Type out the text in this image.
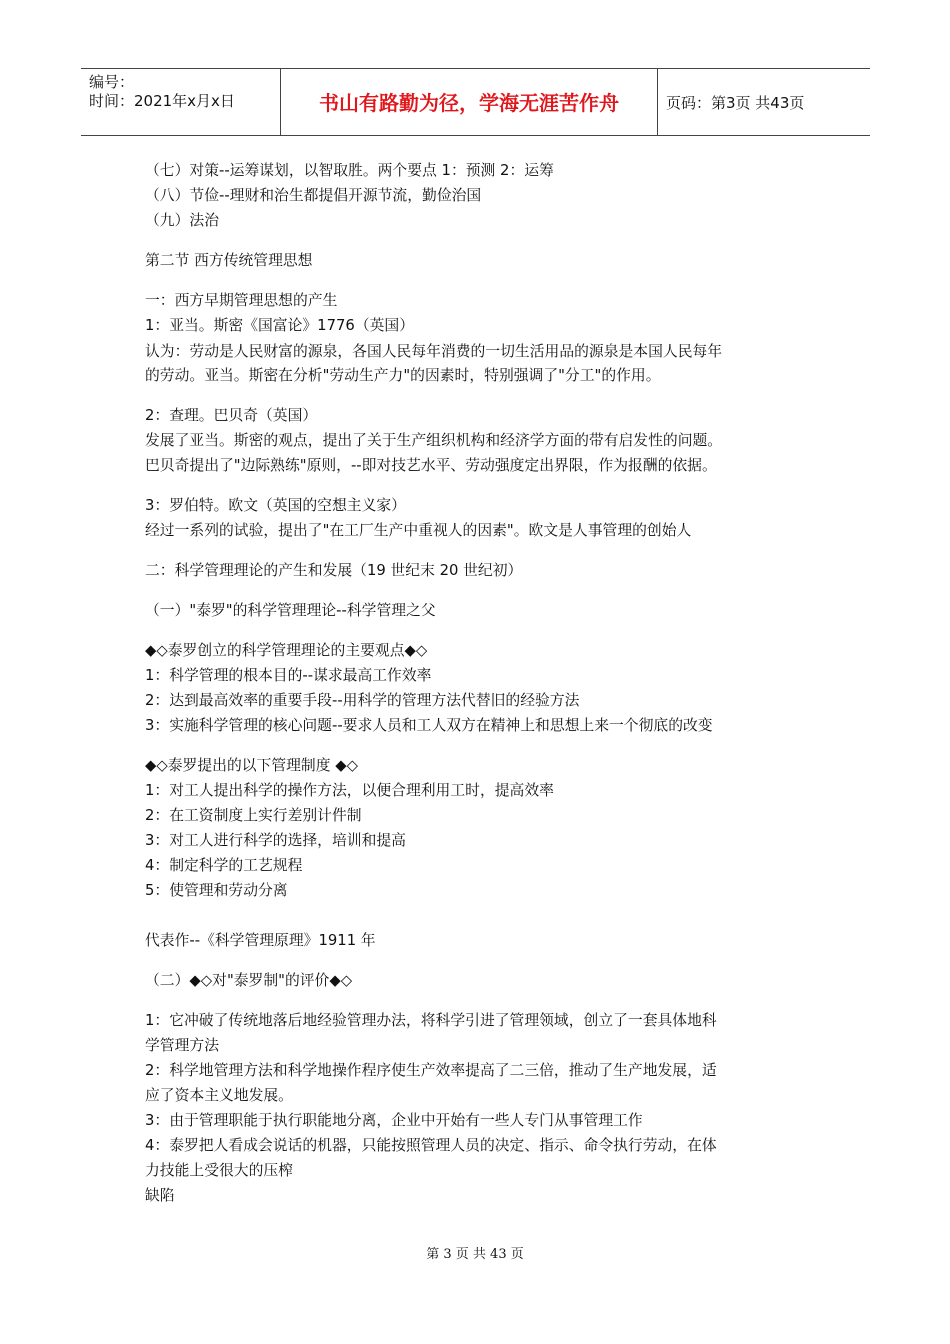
编号：
时间：2021年x月x日	书山有路勤为径，学海无涯苦作舟	页码：第3页 共43页
（七）对策--运筹谋划，以智取胜。两个要点 1：预测 2：运筹
（八）节俭--理财和治生都提倡开源节流，勤俭治国
（九）法治
第二节 西方传统管理思想
一：西方早期管理思想的产生
1：亚当。斯密《国富论》1776（英国）
认为：劳动是人民财富的源泉，各国人民每年消费的一切生活用品的源泉是本国人民每年
的劳动。亚当。斯密在分析"劳动生产力"的因素时，特别强调了"分工"的作用。
2：查理。巴贝奇（英国）
发展了亚当。斯密的观点，提出了关于生产组织机构和经济学方面的带有启发性的问题。
巴贝奇提出了"边际熟练"原则，--即对技艺水平、劳动强度定出界限，作为报酬的依据。
3：罗伯特。欧文（英国的空想主义家）
经过一系列的试验，提出了"在工厂生产中重视人的因素"。欧文是人事管理的创始人
二：科学管理理论的产生和发展（19 世纪末 20 世纪初）
（一）"泰罗"的科学管理理论--科学管理之父
◆◇泰罗创立的科学管理理论的主要观点◆◇
1：科学管理的根本目的--谋求最高工作效率
2：达到最高效率的重要手段--用科学的管理方法代替旧的经验方法
3：实施科学管理的核心问题--要求人员和工人双方在精神上和思想上来一个彻底的改变
◆◇泰罗提出的以下管理制度 ◆◇
1：对工人提出科学的操作方法，以便合理利用工时，提高效率
2：在工资制度上实行差别计件制
3：对工人进行科学的选择，培训和提高
4：制定科学的工艺规程
5：使管理和劳动分离
代表作--《科学管理原理》1911 年
（二）◆◇对"泰罗制"的评价◆◇
1：它冲破了传统地落后地经验管理办法，将科学引进了管理领域，创立了一套具体地科
学管理方法
2：科学地管理方法和科学地操作程序使生产效率提高了二三倍，推动了生产地发展，适
应了资本主义地发展。
3：由于管理职能于执行职能地分离，企业中开始有一些人专门从事管理工作
4：泰罗把人看成会说话的机器，只能按照管理人员的决定、指示、命令执行劳动，在体
力技能上受很大的压榨
缺陷
第 3 页 共 43 页
